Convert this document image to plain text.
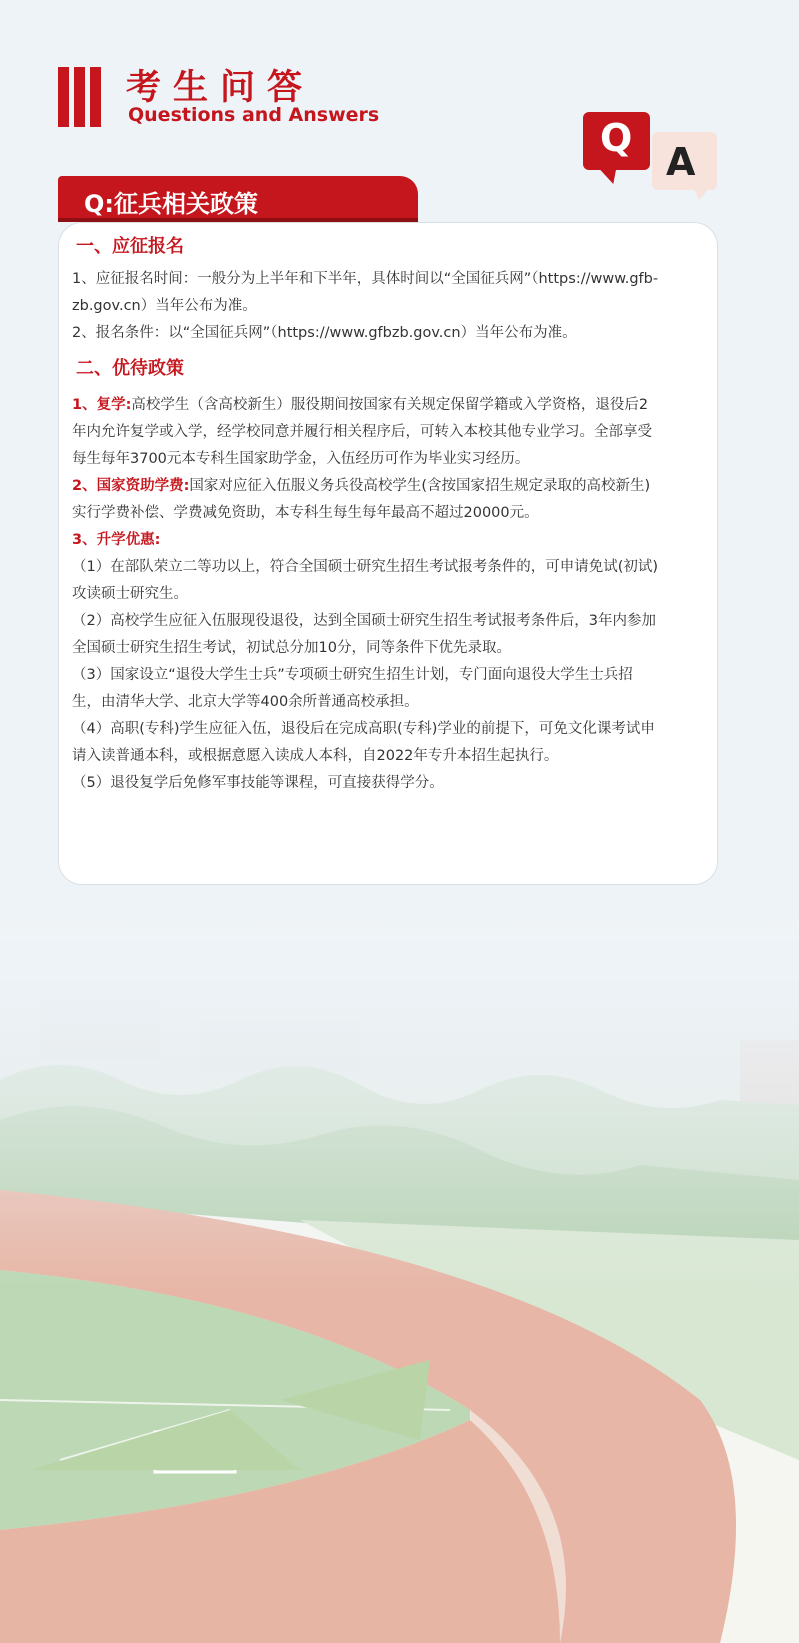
考生问答
Questions and Answers
A
Q
Q:征兵相关政策
一、应征报名
1、应征报名时间：一般分为上半年和下半年，具体时间以“全国征兵网”（https://www.gfb-
zb.gov.cn）当年公布为准。
2、报名条件：以“全国征兵网”（https://www.gfbzb.gov.cn）当年公布为准。
二、优待政策
1、复学:高校学生（含高校新生）服役期间按国家有关规定保留学籍或入学资格，退役后2
年内允许复学或入学，经学校同意并履行相关程序后，可转入本校其他专业学习。全部享受
每生每年3700元本专科生国家助学金，入伍经历可作为毕业实习经历。
2、国家资助学费:国家对应征入伍服义务兵役高校学生(含按国家招生规定录取的高校新生)
实行学费补偿、学费减免资助，本专科生每生每年最高不超过20000元。
3、升学优惠:
（1）在部队荣立二等功以上，符合全国硕士研究生招生考试报考条件的，可申请免试(初试)
攻读硕士研究生。
（2）高校学生应征入伍服现役退役，达到全国硕士研究生招生考试报考条件后，3年内参加
全国硕士研究生招生考试，初试总分加10分，同等条件下优先录取。
（3）国家设立“退役大学生士兵”专项硕士研究生招生计划，专门面向退役大学生士兵招
生，由清华大学、北京大学等400余所普通高校承担。
（4）高职(专科)学生应征入伍，退役后在完成高职(专科)学业的前提下，可免文化课考试申
请入读普通本科，或根据意愿入读成人本科，自2022年专升本招生起执行。
（5）退役复学后免修军事技能等课程，可直接获得学分。
